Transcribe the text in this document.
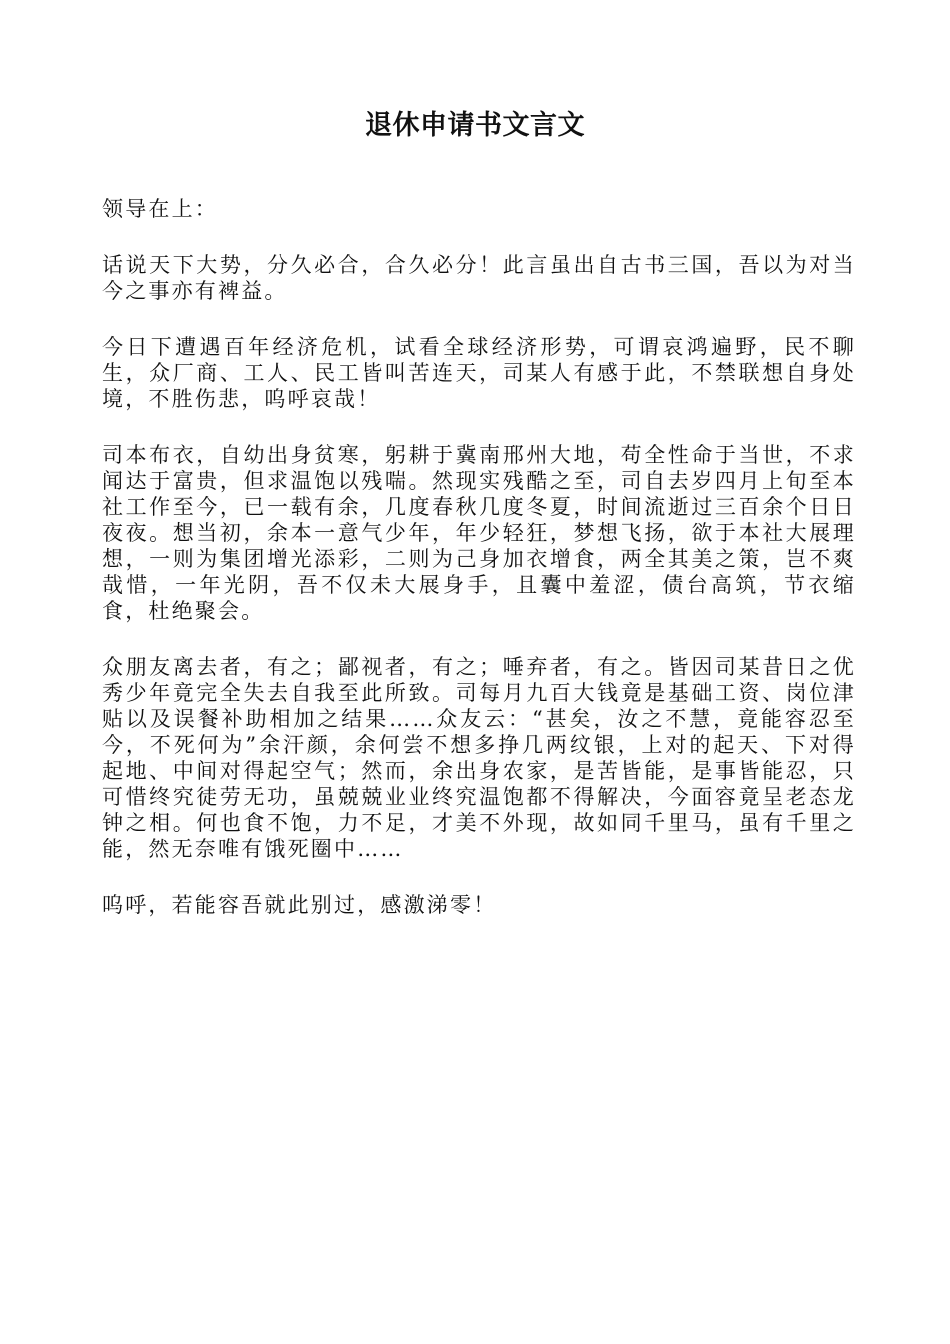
退休申请书文言文

领导在上：

话说天下大势，分久必合，合久必分！此言虽出自古书三国，吾以为对当今之事亦有裨益。

今日下遭遇百年经济危机，试看全球经济形势，可谓哀鸿遍野，民不聊生，众厂商、工人、民工皆叫苦连天，司某人有感于此，不禁联想自身处境，不胜伤悲，呜呼哀哉！

司本布衣，自幼出身贫寒，躬耕于冀南邢州大地，苟全性命于当世，不求闻达于富贵，但求温饱以残喘。然现实残酷之至，司自去岁四月上旬至本社工作至今，已一载有余，几度春秋几度冬夏，时间流逝过三百余个日日夜夜。想当初，余本一意气少年，年少轻狂，梦想飞扬，欲于本社大展理想，一则为集团增光添彩，二则为己身加衣增食，两全其美之策，岂不爽哉惜，一年光阴，吾不仅未大展身手，且囊中羞涩，债台高筑，节衣缩食，杜绝聚会。

众朋友离去者，有之；鄙视者，有之；唾弃者，有之。皆因司某昔日之优秀少年竟完全失去自我至此所致。司每月九百大钱竟是基础工资、岗位津贴以及误餐补助相加之结果……众友云：“甚矣，汝之不慧，竟能容忍至今，不死何为”余汗颜，余何尝不想多挣几两纹银，上对的起天、下对得起地、中间对得起空气；然而，余出身农家，是苦皆能，是事皆能忍，只可惜终究徒劳无功，虽兢兢业业终究温饱都不得解决，今面容竟呈老态龙钟之相。何也食不饱，力不足，才美不外现，故如同千里马，虽有千里之能，然无奈唯有饿死圈中……

呜呼，若能容吾就此别过，感激涕零！
